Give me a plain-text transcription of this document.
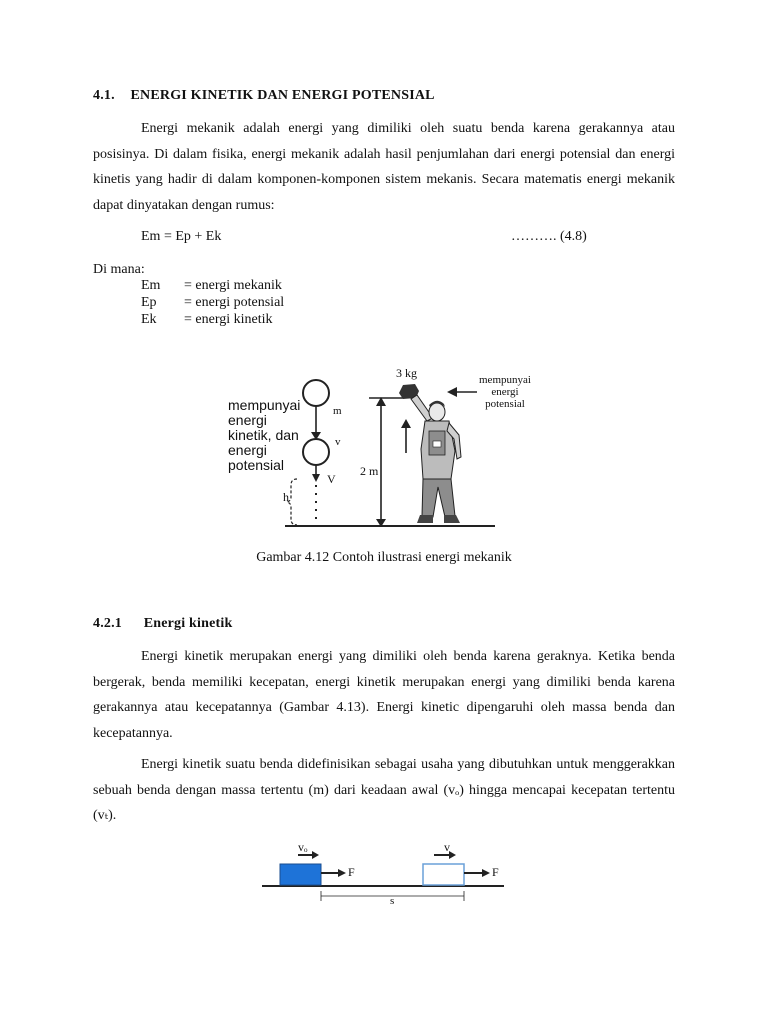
4.1. ENERGI KINETIK DAN ENERGI POTENSIAL
Energi mekanik adalah energi yang dimiliki oleh suatu benda karena gerakannya atau posisinya. Di dalam fisika, energi mekanik adalah hasil penjumlahan dari energi potensial dan energi kinetis yang hadir di dalam komponen-komponen sistem mekanis. Secara matematis energi mekanik dapat dinyatakan dengan rumus:
Em = Ep + Ek	………. (4.8)
Di mana:
Em = energi mekanik
Ep = energi potensial
Ek = energi kinetik
mempunyai
energi
kinetik, dan
energi
potensial
m
v
V
h
3 kg
2 m
mempunyai
energi
potensial
Gambar 4.12 Contoh ilustrasi energi mekanik
4.2.1 Energi kinetik
Energi kinetik merupakan energi yang dimiliki oleh benda karena geraknya. Ketika benda bergerak, benda memiliki kecepatan, energi kinetik merupakan energi yang dimiliki benda karena gerakannya atau kecepatannya (Gambar 4.13). Energi kinetic dipengaruhi oleh massa benda dan kecepatannya.
Energi kinetik suatu benda didefinisikan sebagai usaha yang dibutuhkan untuk menggerakkan sebuah benda dengan massa tertentu (m) dari keadaan awal (vₒ) hingga mencapai kecepatan tertentu (vₜ).
vₒ	v
F	F
s
